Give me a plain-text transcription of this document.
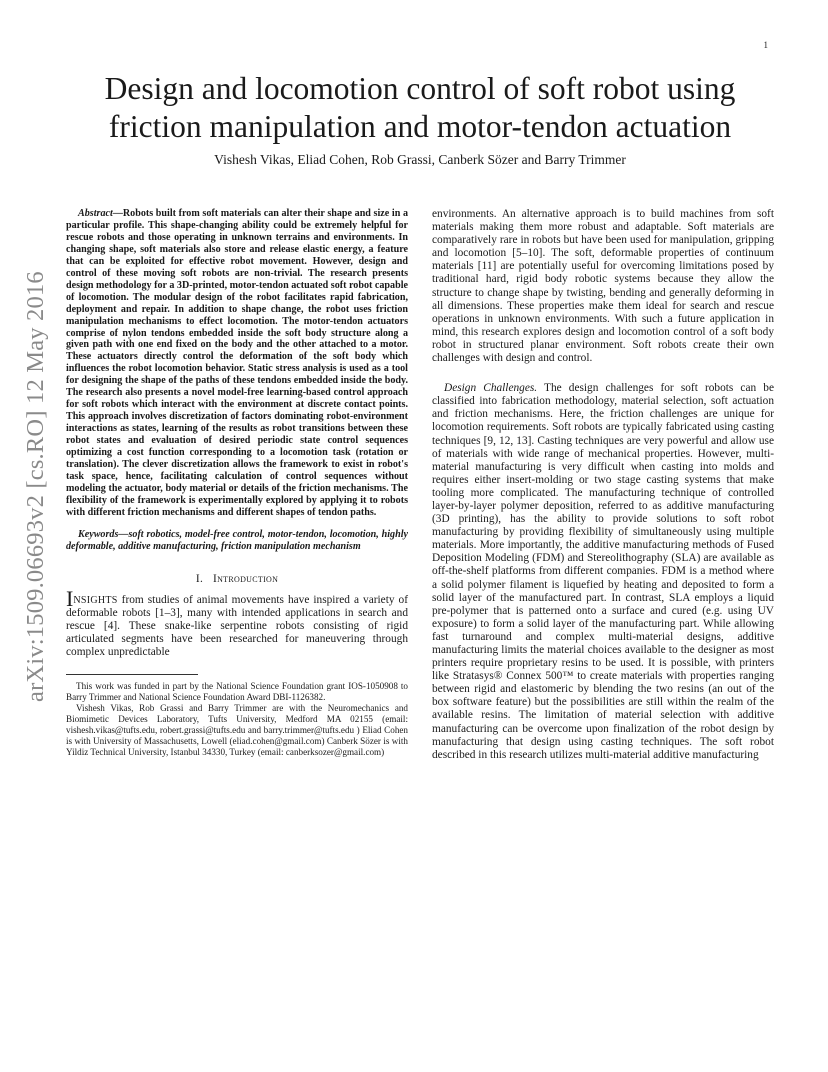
1
arXiv:1509.06693v2 [cs.RO] 12 May 2016
Design and locomotion control of soft robot using friction manipulation and motor-tendon actuation
Vishesh Vikas, Eliad Cohen, Rob Grassi, Canberk Sözer and Barry Trimmer

Abstract—Robots built from soft materials can alter their shape and size in a particular profile. This shape-changing ability could be extremely helpful for rescue robots and those operating in unknown terrains and environments. In changing shape, soft materials also store and release elastic energy, a feature that can be exploited for effective robot movement. However, design and control of these moving soft robots are non-trivial. The research presents design methodology for a 3D-printed, motor-tendon actuated soft robot capable of locomotion. The modular design of the robot facilitates rapid fabrication, deployment and repair. In addition to shape change, the robot uses friction manipulation mechanisms to effect locomotion. The motor-tendon actuators comprise of nylon tendons embedded inside the soft body structure along a given path with one end fixed on the body and the other attached to a motor. These actuators directly control the deformation of the soft body which influences the robot locomotion behavior. Static stress analysis is used as a tool for designing the shape of the paths of these tendons embedded inside the body. The research also presents a novel model-free learning-based control approach for soft robots which interact with the environment at discrete contact points. This approach involves discretization of factors dominating robot-environment interactions as states, learning of the results as robot transitions between these robot states and evaluation of desired periodic state control sequences optimizing a cost function corresponding to a locomotion task (rotation or translation). The clever discretization allows the framework to exist in robot's task space, hence, facilitating calculation of control sequences without modeling the actuator, body material or details of the friction mechanisms. The flexibility of the framework is experimentally explored by applying it to robots with different friction mechanisms and different shapes of tendon paths.

Keywords—soft robotics, model-free control, motor-tendon, locomotion, highly deformable, additive manufacturing, friction manipulation mechanism

I. Introduction

INSIGHTS from studies of animal movements have inspired a variety of deformable robots [1–3], many with intended applications in search and rescue [4]. These snake-like serpentine robots consisting of rigid articulated segments have been researched for maneuvering through complex unpredictable

This work was funded in part by the National Science Foundation grant IOS-1050908 to Barry Trimmer and National Science Foundation Award DBI-1126382.

Vishesh Vikas, Rob Grassi and Barry Trimmer are with the Neuromechanics and Biomimetic Devices Laboratory, Tufts University, Medford MA 02155 (email: vishesh.vikas@tufts.edu, robert.grassi@tufts.edu and barry.trimmer@tufts.edu ) Eliad Cohen is with University of Massachusetts, Lowell (eliad.cohen@gmail.com) Canberk Sözer is with Yildiz Technical University, Istanbul 34330, Turkey (email: canberksozer@gmail.com)

environments. An alternative approach is to build machines from soft materials making them more robust and adaptable. Soft materials are comparatively rare in robots but have been used for manipulation, gripping and locomotion [5–10]. The soft, deformable properties of continuum materials [11] are potentially useful for overcoming limitations posed by traditional hard, rigid body robotic systems because they allow the structure to change shape by twisting, bending and generally deforming in all dimensions. These properties make them ideal for search and rescue operations in unknown environments. With such a future application in mind, this research explores design and locomotion control of a soft body robot in structured planar environment. Soft robots create their own challenges with design and control.

Design Challenges. The design challenges for soft robots can be classified into fabrication methodology, material selection, soft actuation and friction mechanisms. Here, the friction challenges are unique for locomotion requirements. Soft robots are typically fabricated using casting techniques [9, 12, 13]. Casting techniques are very powerful and allow use of materials with wide range of mechanical properties. However, multi-material manufacturing is very difficult when casting into molds and requires either insert-molding or two stage casting systems that make tooling more complicated. The manufacturing technique of controlled layer-by-layer polymer deposition, referred to as additive manufacturing (3D printing), has the ability to provide solutions to soft robot manufacturing by providing flexibility of simultaneously using multiple materials. More importantly, the additive manufacturing methods of Fused Deposition Modeling (FDM) and Stereolithography (SLA) are available as off-the-shelf platforms from different companies. FDM is a method where a solid polymer filament is liquefied by heating and deposited to form a solid layer of the manufactured part. In contrast, SLA employs a liquid pre-polymer that is patterned onto a surface and cured (e.g. using UV exposure) to form a solid layer of the manufacturing part. While allowing fast turnaround and complex multi-material designs, additive manufacturing limits the material choices available to the designer as most printers require proprietary resins to be used. It is possible, with printers like Stratasys® Connex 500™ to create materials with properties ranging between rigid and elastomeric by blending the two resins (an out of the box software feature) but the possibilities are still within the realm of the available resins. The limitation of material selection with additive manufacturing can be overcome upon finalization of the robot design by manufacturing that design using casting techniques. The soft robot described in this research utilizes multi-material additive manufacturing
